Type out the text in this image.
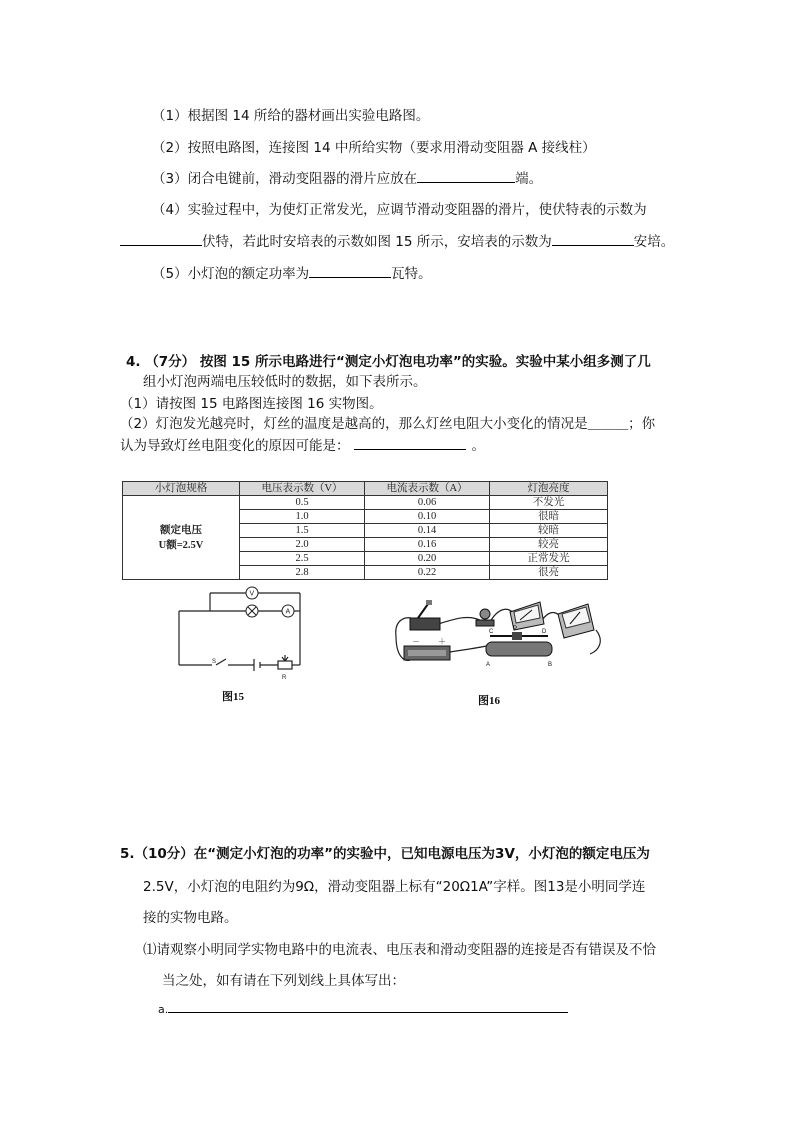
（1）根据图 14 所给的器材画出实验电路图。
（2）按照电路图，连接图 14 中所给实物（要求用滑动变阻器 A 接线柱）
（3）闭合电键前，滑动变阻器的滑片应放在	端。
（4）实验过程中，为使灯正常发光，应调节滑动变阻器的滑片，使伏特表的示数为
伏特，若此时安培表的示数如图 15 所示，安培表的示数为	安培。
（5）小灯泡的额定功率为	瓦特。
4. （7分） 按图 15 所示电路进行“测定小灯泡电功率”的实验。实验中某小组多测了几
组小灯泡两端电压较低时的数据，如下表所示。
（1）请按图 15 电路图连接图 16 实物图。
（2）灯泡发光越亮时，灯丝的温度是越高的，那么灯丝电阻大小变化的情况是＿＿＿；你
认为导致灯丝电阻变化的原因可能是：	。
小灯泡规格	电压表示数（V）	电流表示数（A）	灯泡亮度

额定电压
U额=2.5V	0.5	0.06	不发光
	1.0	0.10	很暗
	1.5	0.14	较暗
	2.0	0.16	较亮
	2.5	0.20	正常发光
	2.8	0.22	很亮
V
A
S
R
图15
－ ＋
C	P	D
A	B
图16
5.（10分）在“测定小灯泡的功率”的实验中，已知电源电压为3V，小灯泡的额定电压为
2.5V，小灯泡的电阻约为9Ω，滑动变阻器上标有“20Ω1A”字样。图13是小明同学连
接的实物电路。
⑴请观察小明同学实物电路中的电流表、电压表和滑动变阻器的连接是否有错误及不恰
当之处，如有请在下列划线上具体写出：
a.
